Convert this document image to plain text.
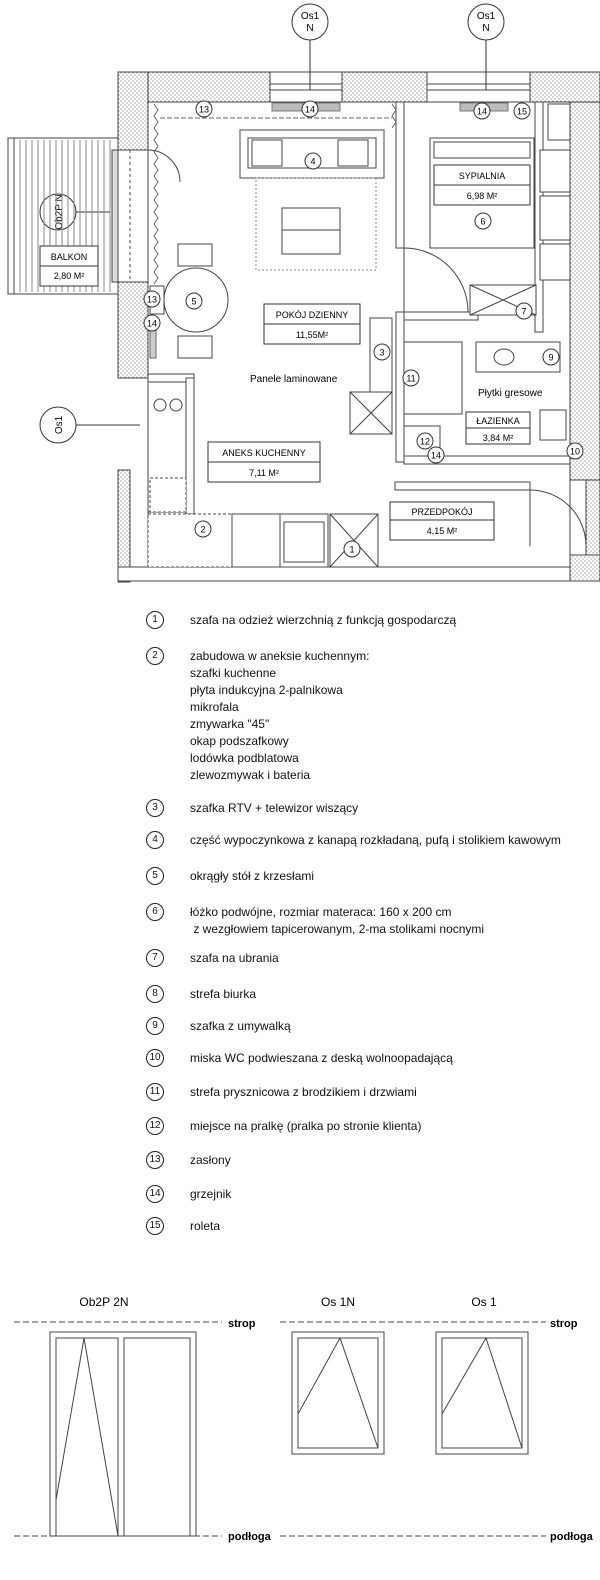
Os1
N
Os1
N
Ob2P N
Os1
BALKON
2,80 M²
SYPIALNIA
6,98 M²
ŁAZIENKA
3,84 M²
Płytki gresowe
POKÓJ DZIENNY
11,55M²
Panele laminowane
ANEKS KUCHENNY
7,11 M²
PRZEDPOKÓJ
4,15 M²
13	14	14	15
4
6
7
9
5
13
14
3
11
12
14	10
2
1
1	szafa na odzież wierzchnią z funkcją gospodarczą
2	zabudowa w aneksie kuchennym:
szafki kuchenne
płyta indukcyjna 2-palnikowa
mikrofala
zmywarka "45"
okap podszafkowy
lodówka podblatowa
zlewozmywak i bateria
3	szafka RTV + telewizor wiszący
4	część wypoczynkowa z kanapą rozkładaną, pufą i stolikiem kawowym
5	okrągły stół z krzesłami
6	łóżko podwójne, rozmiar materaca: 160 x 200 cm
z wezgłowiem tapicerowanym, 2-ma stolikami nocnymi
7	szafa na ubrania
8	strefa biurka
9	szafka z umywalką
10 miska WC podwieszana z deską wolnoopadającą
11	strefa prysznicowa z brodzikiem i drzwiami
12 miejsce na pralkę (pralka po stronie klienta)
13 zasłony
14 grzejnik
15 roleta
Ob2P 2N	Os 1N	Os 1
strop	strop
podłoga	podłoga
